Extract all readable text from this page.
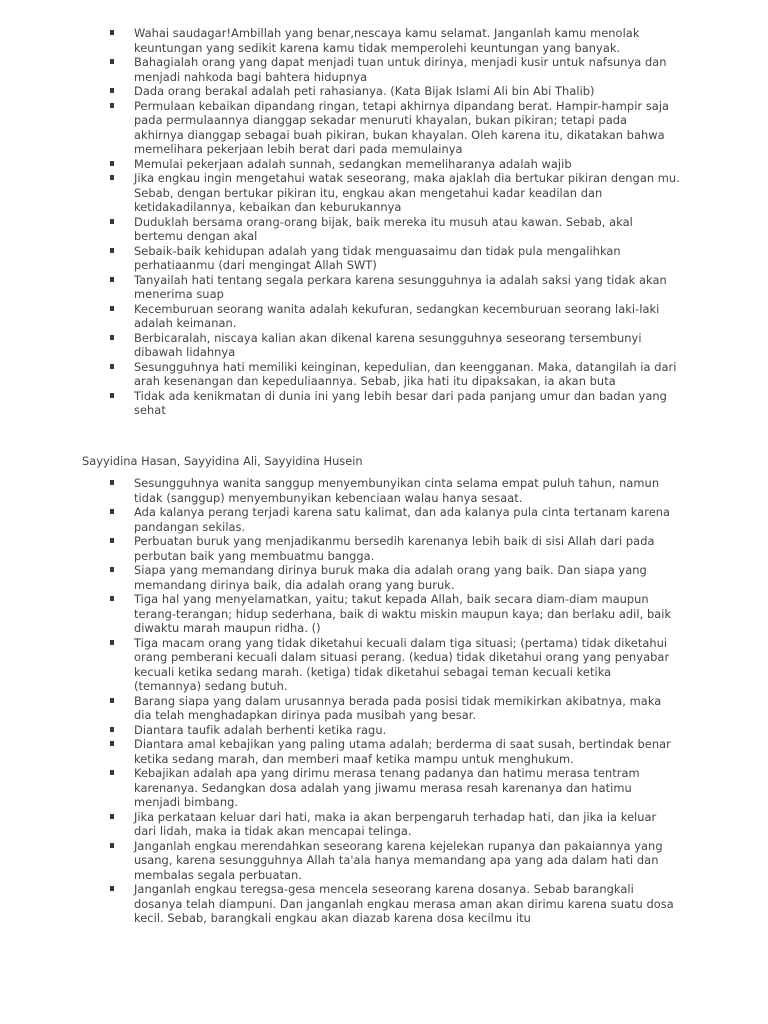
Wahai saudagar!Ambillah yang benar,nescaya kamu selamat. Janganlah kamu menolak keuntungan yang sedikit karena kamu tidak memperolehi keuntungan yang banyak.
Bahagialah orang yang dapat menjadi tuan untuk dirinya, menjadi kusir untuk nafsunya dan menjadi nahkoda bagi bahtera hidupnya
Dada orang berakal adalah peti rahasianya. (Kata Bijak Islami Ali bin Abi Thalib)
Permulaan kebaikan dipandang ringan, tetapi akhirnya dipandang berat. Hampir-hampir saja pada permulaannya dianggap sekadar menuruti khayalan, bukan pikiran; tetapi pada akhirnya dianggap sebagai buah pikiran, bukan khayalan. Oleh karena itu, dikatakan bahwa memelihara pekerjaan lebih berat dari pada memulainya
Memulai pekerjaan adalah sunnah, sedangkan memeliharanya adalah wajib
Jika engkau ingin mengetahui watak seseorang, maka ajaklah dia bertukar pikiran dengan mu. Sebab, dengan bertukar pikiran itu, engkau akan mengetahui kadar keadilan dan ketidakadilannya, kebaikan dan keburukannya
Duduklah bersama orang-orang bijak, baik mereka itu musuh atau kawan. Sebab, akal bertemu dengan akal
Sebaik-baik kehidupan adalah yang tidak menguasaimu dan tidak pula mengalihkan perhatiaanmu (dari mengingat Allah SWT)
Tanyailah hati tentang segala perkara karena sesungguhnya ia adalah saksi yang tidak akan menerima suap
Kecemburuan seorang wanita adalah kekufuran, sedangkan kecemburuan seorang laki-laki adalah keimanan.
Berbicaralah, niscaya kalian akan dikenal karena sesungguhnya seseorang tersembunyi dibawah lidahnya
Sesungguhnya hati memiliki keinginan, kepedulian, dan keengganan. Maka, datangilah ia dari arah kesenangan dan kepeduliaannya. Sebab, jika hati itu dipaksakan, ia akan buta
Tidak ada kenikmatan di dunia ini yang lebih besar dari pada panjang umur dan badan yang sehat
Sayyidina Hasan, Sayyidina Ali, Sayyidina Husein
Sesungguhnya wanita sanggup menyembunyikan cinta selama empat puluh tahun, namun tidak (sanggup) menyembunyikan kebenciaan walau hanya sesaat.
Ada kalanya perang terjadi karena satu kalimat, dan ada kalanya pula cinta tertanam karena pandangan sekilas.
Perbuatan buruk yang menjadikanmu bersedih karenanya lebih baik di sisi Allah dari pada perbutan baik yang membuatmu bangga.
Siapa yang memandang dirinya buruk maka dia adalah orang yang baik. Dan siapa yang memandang dirinya baik, dia adalah orang yang buruk.
Tiga hal yang menyelamatkan, yaitu; takut kepada Allah, baik secara diam-diam maupun terang-terangan; hidup sederhana, baik di waktu miskin maupun kaya; dan berlaku adil, baik diwaktu marah maupun ridha. ()
Tiga macam orang yang tidak diketahui kecuali dalam tiga situasi; (pertama) tidak diketahui orang pemberani kecuali dalam situasi perang. (kedua) tidak diketahui orang yang penyabar kecuali ketika sedang marah. (ketiga) tidak diketahui sebagai teman kecuali ketika (temannya) sedang butuh.
Barang siapa yang dalam urusannya berada pada posisi tidak memikirkan akibatnya, maka dia telah menghadapkan dirinya pada musibah yang besar.
Diantara taufik adalah berhenti ketika ragu.
Diantara amal kebajikan yang paling utama adalah; berderma di saat susah, bertindak benar ketika sedang marah, dan memberi maaf ketika mampu untuk menghukum.
Kebajikan adalah apa yang dirimu merasa tenang padanya dan hatimu merasa tentram karenanya. Sedangkan dosa adalah yang jiwamu merasa resah karenanya dan hatimu menjadi bimbang.
Jika perkataan keluar dari hati, maka ia akan berpengaruh terhadap hati, dan jika ia keluar dari lidah, maka ia tidak akan mencapai telinga.
Janganlah engkau merendahkan seseorang karena kejelekan rupanya dan pakaiannya yang usang, karena sesungguhnya Allah ta'ala hanya memandang apa yang ada dalam hati dan membalas segala perbuatan.
Janganlah engkau teregsa-gesa mencela seseorang karena dosanya. Sebab barangkali dosanya telah diampuni. Dan janganlah engkau merasa aman akan dirimu karena suatu dosa kecil. Sebab, barangkali engkau akan diazab karena dosa kecilmu itu
